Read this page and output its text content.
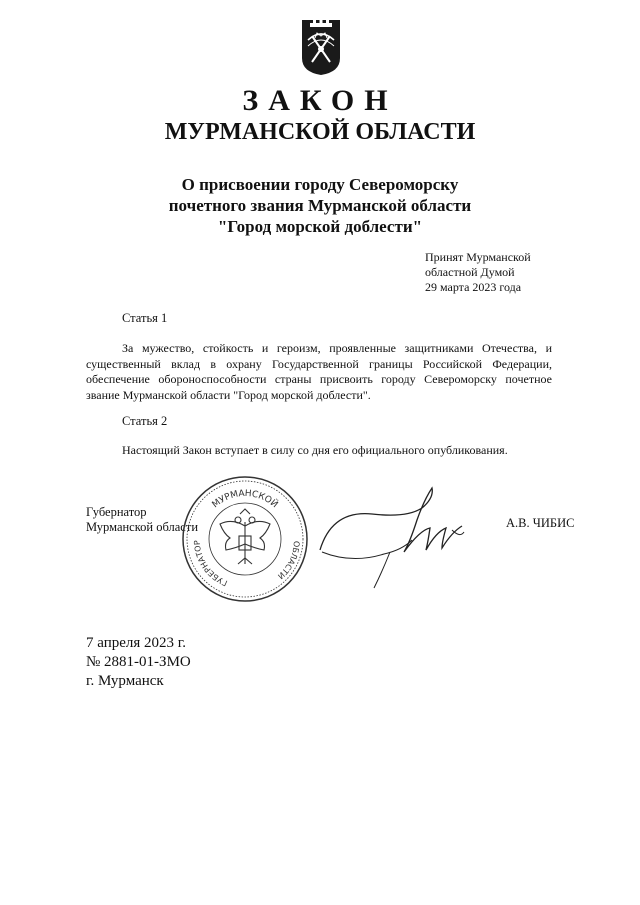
ЗАКОН
МУРМАНСКОЙ ОБЛАСТИ
О присвоении городу Североморску
почетного звания Мурманской области
"Город морской доблести"
Принят Мурманской
областной Думой
29 марта 2023 года
Статья 1
За мужество, стойкость и героизм, проявленные защитниками Отечества, и существенный вклад в охрану Государственной границы Российской Федерации, обеспечение обороноспособности страны присвоить городу Североморску почетное звание Мурманской области "Город морской доблести".
Статья 2
Настоящий Закон вступает в силу со дня его официального опубликования.
Губернатор
Мурманской области
МУРМАНСКОЙ
ГУБЕРНАТОР	ОБЛАСТИ
А.В. ЧИБИС
7 апреля 2023 г.
№ 2881-01-ЗМО
г. Мурманск
